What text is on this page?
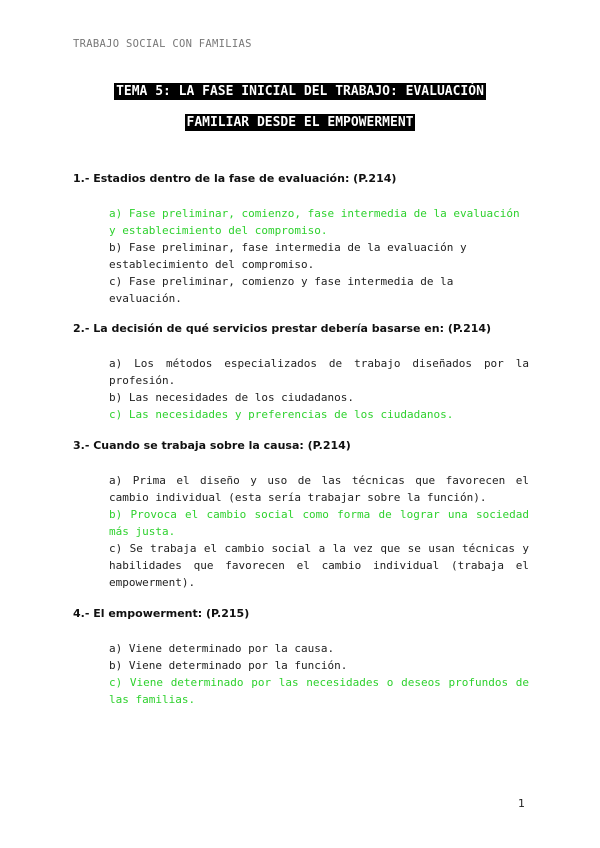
TRABAJO SOCIAL CON FAMILIAS
TEMA 5: LA FASE INICIAL DEL TRABAJO: EVALUACIÓN
FAMILIAR DESDE EL EMPOWERMENT
1.- Estadios dentro de la fase de evaluación: (P.214)
a) Fase preliminar, comienzo, fase intermedia de la evaluación y establecimiento del compromiso.
b) Fase preliminar, fase intermedia de la evaluación y establecimiento del compromiso.
c) Fase preliminar, comienzo y fase intermedia de la evaluación.
2.- La decisión de qué servicios prestar debería basarse en: (P.214)
a) Los métodos especializados de trabajo diseñados por la profesión.
b) Las necesidades de los ciudadanos.
c) Las necesidades y preferencias de los ciudadanos.
3.- Cuando se trabaja sobre la causa: (P.214)
a) Prima el diseño y uso de las técnicas que favorecen el cambio individual (esta sería trabajar sobre la función).
b) Provoca el cambio social como forma de lograr una sociedad más justa.
c) Se trabaja el cambio social a la vez que se usan técnicas y habilidades que favorecen el cambio individual (trabaja el empowerment).
4.- El empowerment: (P.215)
a) Viene determinado por la causa.
b) Viene determinado por la función.
c) Viene determinado por las necesidades o deseos profundos de las familias.
1
